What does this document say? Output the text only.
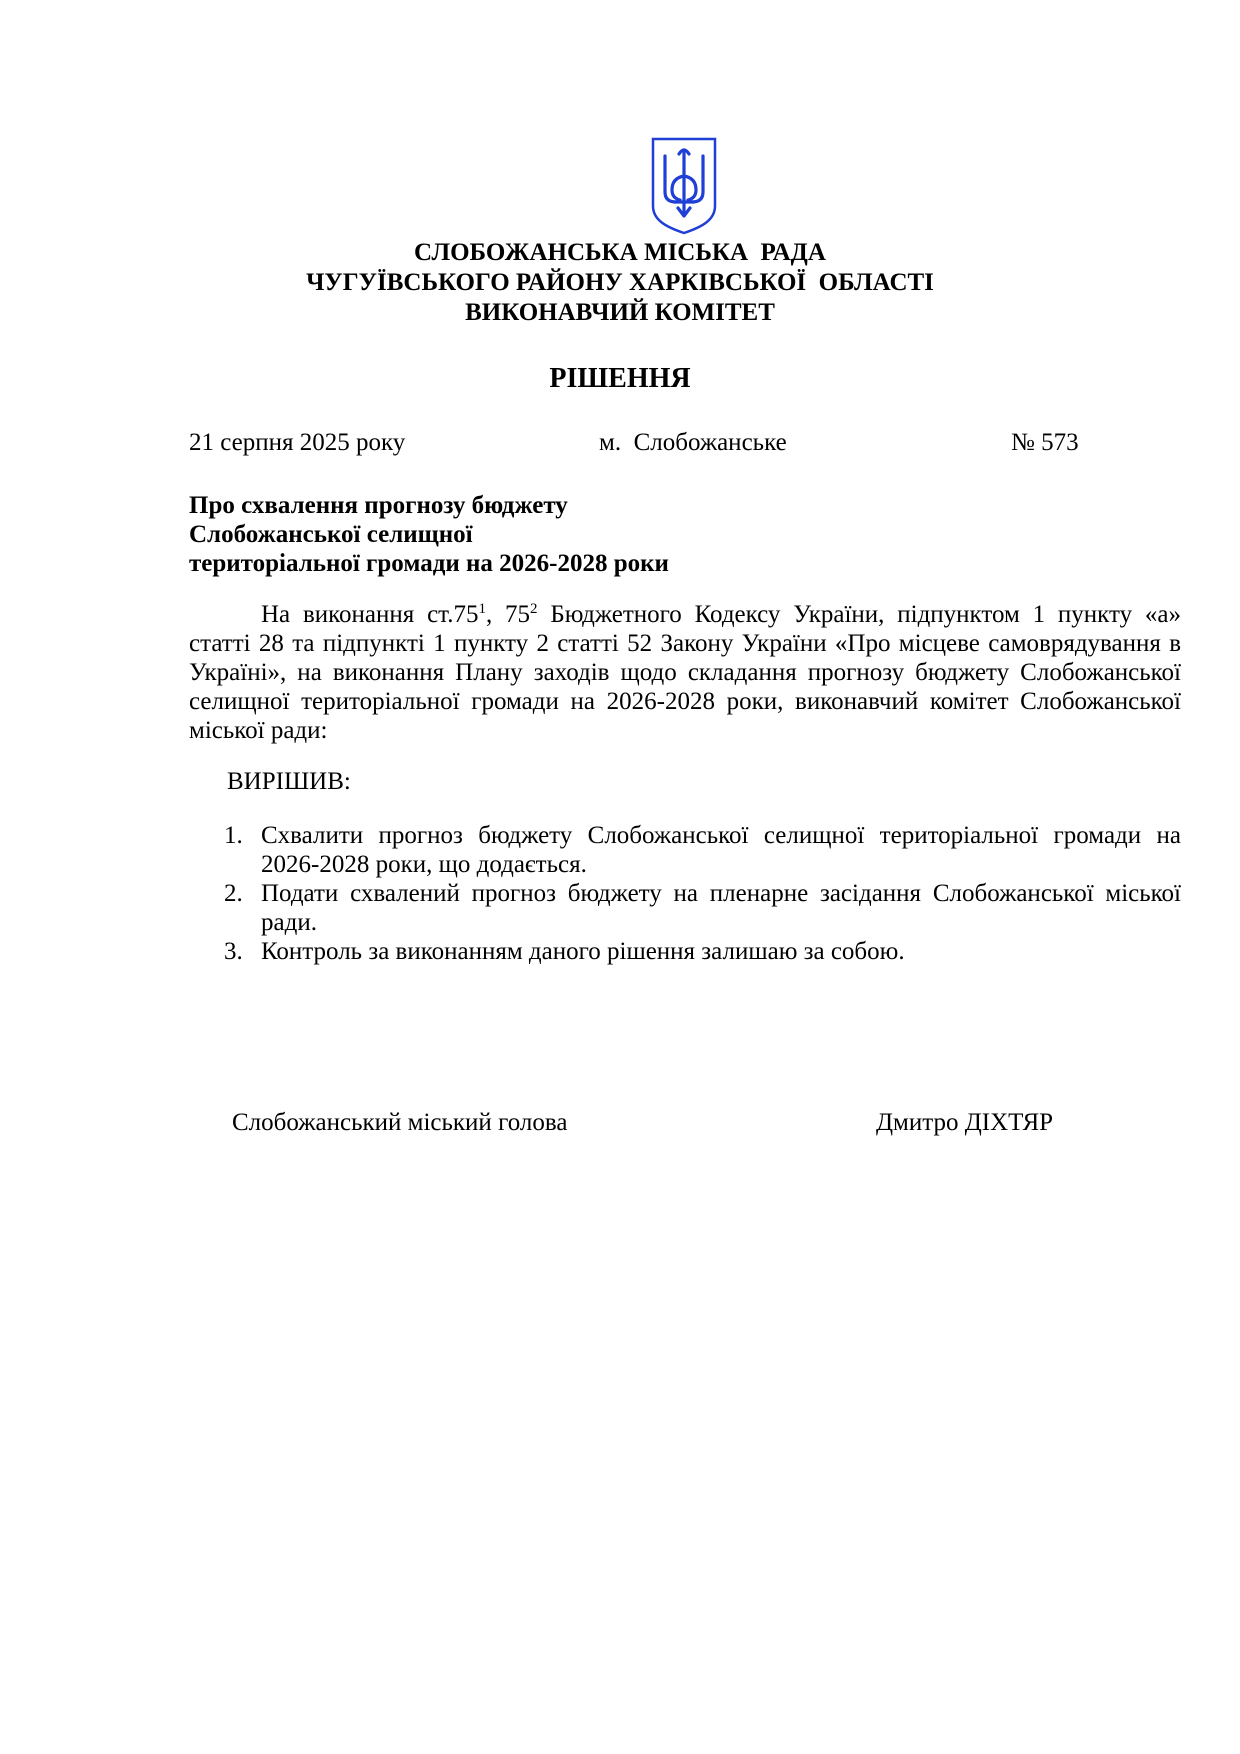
СЛОБОЖАНСЬКА МІСЬКА  РАДА
ЧУГУЇВСЬКОГО РАЙОНУ ХАРКІВСЬКОЇ  ОБЛАСТІ
ВИКОНАВЧИЙ КОМІТЕТ
РІШЕННЯ
21 серпня 2025 року	м.  Слобожанське	№ 573
Про схвалення прогнозу бюджету
Слобожанської селищної
територіальної громади на 2026-2028 роки
На виконання $ст.75^1$, $75^2$ Бюджетного Кодексу України, підпунктом 1 пункту «а» статті 28 та підпункті 1 пункту 2 статті 52 Закону України «Про місцеве самоврядування в Україні», на виконання Плану заходів щодо складання прогнозу бюджету Слобожанської селищної територіальної громади на 2026-2028 роки, виконавчий комітет Слобожанської міської ради:
ВИРІШИВ:
1. Схвалити прогноз бюджету Слобожанської селищної територіальної громади на 2026-2028 роки, що додається.
2. Подати схвалений прогноз бюджету на пленарне засідання Слобожанської міської ради.
3. Контроль за виконанням даного рішення залишаю за собою.
Слобожанський міський голова	Дмитро ДІХТЯР
